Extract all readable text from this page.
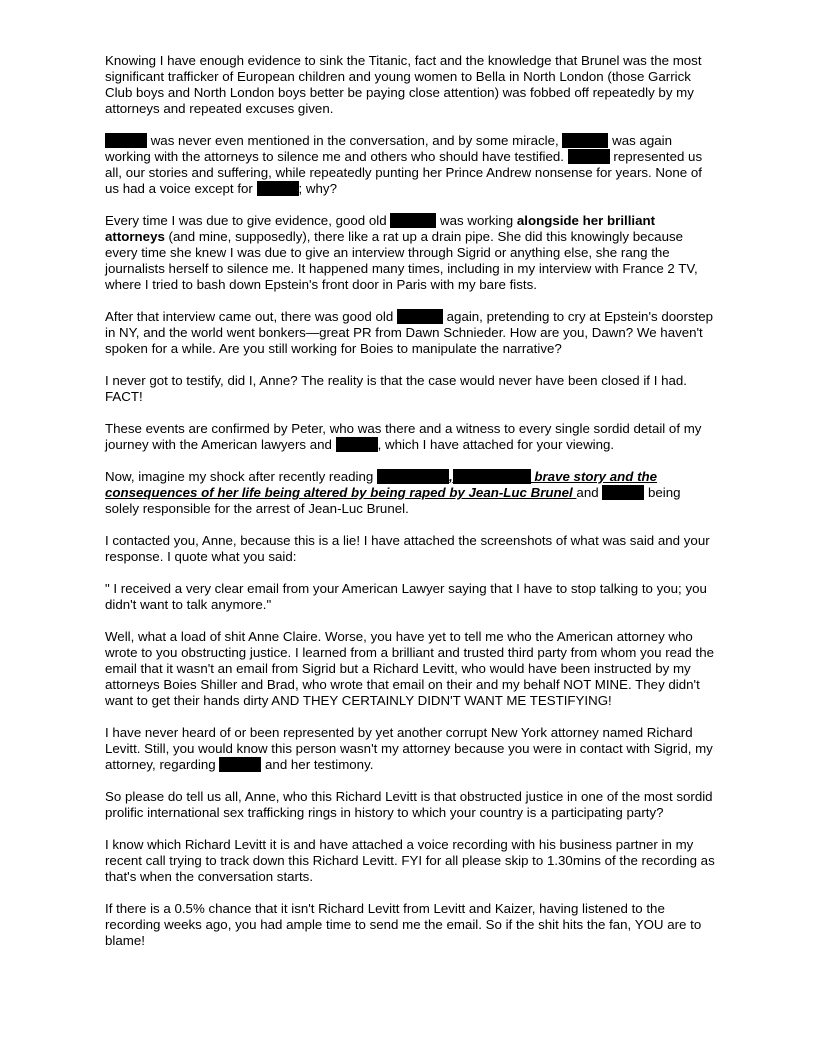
Knowing I have enough evidence to sink the Titanic, fact and the knowledge that Brunel was the most significant trafficker of European children and young women to Bella in North London (those Garrick Club boys and North London boys better be paying close attention) was fobbed off repeatedly by my attorneys and repeated excuses given.

was never even mentioned in the conversation, and by some miracle,	was again working with the attorneys to silence me and others who should have testified.	represented us all, our stories and suffering, while repeatedly punting her Prince Andrew nonsense for years. None of us had a voice except for	; why?

Every time I was due to give evidence, good old	was working alongside her brilliant attorneys (and mine, supposedly), there like a rat up a drain pipe. She did this knowingly because every time she knew I was due to give an interview through Sigrid or anything else, she rang the journalists herself to silence me. It happened many times, including in my interview with France 2 TV, where I tried to bash down Epstein's front door in Paris with my bare fists.

After that interview came out, there was good old	again, pretending to cry at Epstein's doorstep in NY, and the world went bonkers—great PR from Dawn Schnieder. How are you, Dawn? We haven't spoken for a while. Are you still working for Boies to manipulate the narrative?

I never got to testify, did I, Anne? The reality is that the case would never have been closed if I had. FACT!

These events are confirmed by Peter, who was there and a witness to every single sordid detail of my journey with the American lawyers and	, which I have attached for your viewing.

Now, imagine my shock after recently reading	,	brave story and the consequences of her life being altered by being raped by Jean-Luc Brunel and	being solely responsible for the arrest of Jean-Luc Brunel.

I contacted you, Anne, because this is a lie! I have attached the screenshots of what was said and your response. I quote what you said:

" I received a very clear email from your American Lawyer saying that I have to stop talking to you; you didn't want to talk anymore."

Well, what a load of shit Anne Claire. Worse, you have yet to tell me who the American attorney who wrote to you obstructing justice. I learned from a brilliant and trusted third party from whom you read the email that it wasn't an email from Sigrid but a Richard Levitt, who would have been instructed by my attorneys Boies Shiller and Brad, who wrote that email on their and my behalf NOT MINE. They didn't want to get their hands dirty AND THEY CERTAINLY DIDN'T WANT ME TESTIFYING!

I have never heard of or been represented by yet another corrupt New York attorney named Richard Levitt. Still, you would know this person wasn't my attorney because you were in contact with Sigrid, my attorney, regarding	and her testimony.

So please do tell us all, Anne, who this Richard Levitt is that obstructed justice in one of the most sordid prolific international sex trafficking rings in history to which your country is a participating party?

I know which Richard Levitt it is and have attached a voice recording with his business partner in my recent call trying to track down this Richard Levitt. FYI for all please skip to 1.30mins of the recording as that's when the conversation starts.

If there is a 0.5% chance that it isn't Richard Levitt from Levitt and Kaizer, having listened to the recording weeks ago, you had ample time to send me the email. So if the shit hits the fan, YOU are to blame!
